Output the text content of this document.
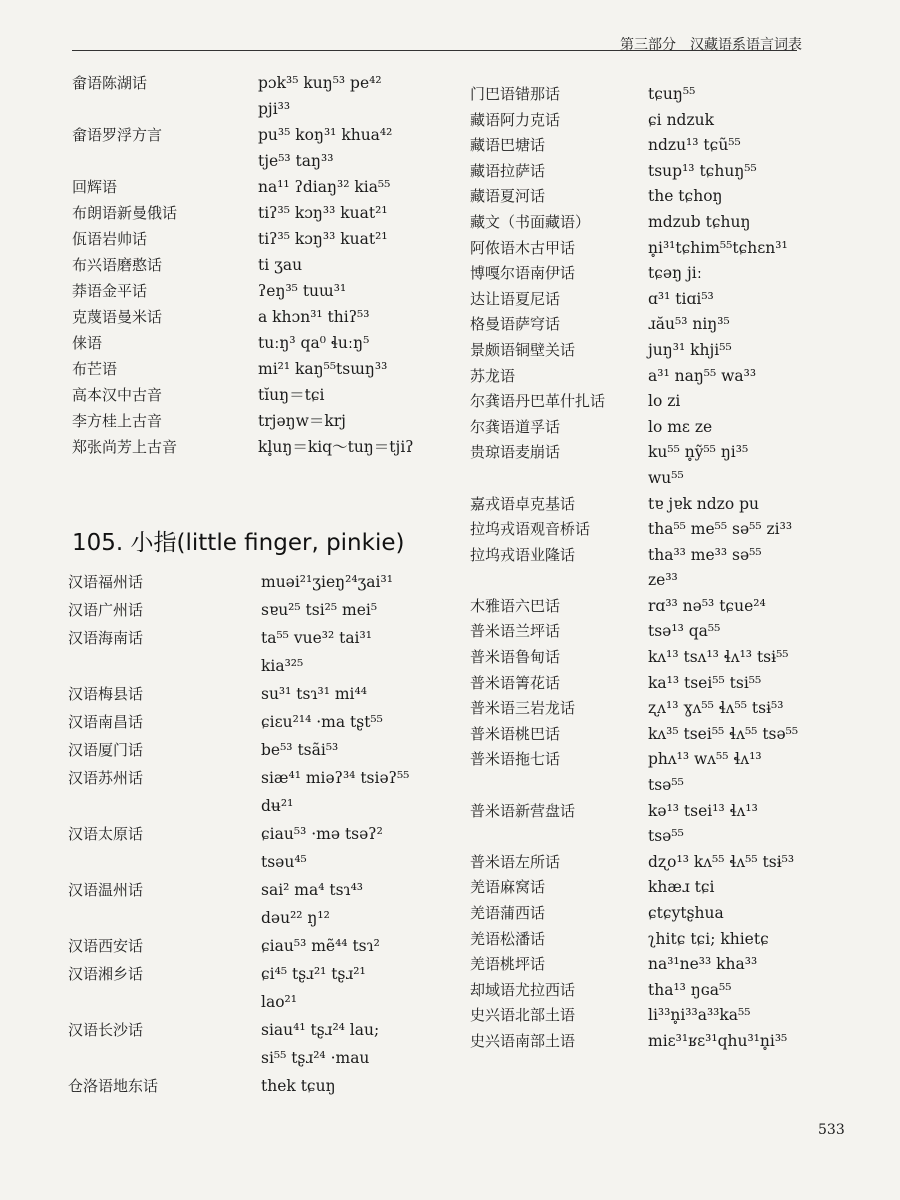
第三部分　汉藏语系语言词表
畲语陈湖话	pɔk³⁵ kuŋ⁵³ pe⁴²
pji³³
畲语罗浮方言	pu³⁵ koŋ³¹ khua⁴²
tje⁵³ taŋ³³
回辉语	na¹¹ ʔdiaŋ³² kia⁵⁵
布朗语新曼俄话	tiʔ³⁵ kɔŋ³³ kuat²¹
佤语岩帅话	tiʔ³⁵ kɔŋ³³ kuat²¹
布兴语磨憨话	ti ʒau
莽语金平话	ʔeŋ³⁵ tuɯ³¹
克蔑语曼米话	a khɔn³¹ thiʔ⁵³
俫语	tuːŋ³ qa⁰ ɬuːŋ⁵
布芒语	mi²¹ kaŋ⁵⁵tsɯŋ³³
高本汉中古音	tĭuŋ＝tɕi
李方桂上古音	trjəŋw＝krj
郑张尚芳上古音	kl̥uŋ＝kiq～tuŋ＝tjiʔ
105. 小指(little finger, pinkie)
汉语福州话	muəi²¹ʒieŋ²⁴ʒai³¹
汉语广州话	sɐu²⁵ tsi²⁵ mei⁵
汉语海南话	ta⁵⁵ vue³² tai³¹
kia³²⁵
汉语梅县话	su³¹ tsɿ³¹ mi⁴⁴
汉语南昌话	ɕiɛu²¹⁴ ·ma tʂt⁵⁵
汉语厦门话	be⁵³ tsãi⁵³
汉语苏州话	siæ⁴¹ miəʔ³⁴ tsiəʔ⁵⁵
dʉ²¹
汉语太原话	ɕiau⁵³ ·mə tsəʔ²
tsəu⁴⁵
汉语温州话	sai² ma⁴ tsɿ⁴³
dəu²² ŋ¹²
汉语西安话	ɕiau⁵³ mẽ⁴⁴ tsɿ²
汉语湘乡话	ɕi⁴⁵ tʂɹ²¹ tʂɹ²¹
lao²¹
汉语长沙话	siau⁴¹ tʂɹ²⁴ lau;
si⁵⁵ tʂɹ²⁴ ·mau
仓洛语地东话	thek tɕuŋ
门巴语错那话	tɕuŋ⁵⁵
藏语阿力克话	ɕi ndzuk
藏语巴塘话	ndzu¹³ tɕũ⁵⁵
藏语拉萨话	tsup¹³ tɕhuŋ⁵⁵
藏语夏河话	the tɕhoŋ
藏文（书面藏语）	mdzub tɕhuŋ
阿侬语木古甲话	n̥i³¹tɕhim⁵⁵tɕhɛn³¹
博嘎尔语南伊话	tɕəŋ jiː
达让语夏尼话	ɑ³¹ tiɑi⁵³
格曼语萨穹话	ɹău⁵³ niŋ³⁵
景颇语铜壁关话	juŋ³¹ khji⁵⁵
苏龙语	a³¹ naŋ⁵⁵ wa³³
尔龚语丹巴革什扎话	lo zi
尔龚语道孚话	lo mɛ ze
贵琼语麦崩话	ku⁵⁵ n̥ỹ⁵⁵ ŋi³⁵
wu⁵⁵
嘉戎语卓克基话	tɐ jɐk ndzo pu
拉坞戎语观音桥话	tha⁵⁵ me⁵⁵ sə⁵⁵ zi³³
拉坞戎语业隆话	tha³³ me³³ sə⁵⁵
ze³³
木雅语六巴话	rɑ³³ nə⁵³ tɕue²⁴
普米语兰坪话	tsə¹³ qa⁵⁵
普米语鲁甸话	kʌ¹³ tsʌ¹³ ɬʌ¹³ tsɨ⁵⁵
普米语箐花话	ka¹³ tsei⁵⁵ tsi⁵⁵
普米语三岩龙话	ʐʌ¹³ ɣʌ⁵⁵ ɬʌ⁵⁵ tsɨ⁵³
普米语桃巴话	kʌ³⁵ tsei⁵⁵ ɬʌ⁵⁵ tsə⁵⁵
普米语拖七话	phʌ¹³ wʌ⁵⁵ ɬʌ¹³
tsə⁵⁵
普米语新营盘话	kə¹³ tsei¹³ ɬʌ¹³
tsə⁵⁵
普米语左所话	dʐo¹³ kʌ⁵⁵ ɬʌ⁵⁵ tsɨ⁵³
羌语麻窝话	khæɹ tɕi
羌语蒲西话	ɕtɕytʂhua
羌语松潘话	ʅhitɕ tɕi; khietɕ
羌语桃坪话	na³¹ne³³ kha³³
却域语尤拉西话	tha¹³ ŋɢa⁵⁵
史兴语北部土语	li³³n̥i³³a³³ka⁵⁵
史兴语南部土语	miɛ³¹ʁɛ³¹qhu³¹n̥i³⁵
533
